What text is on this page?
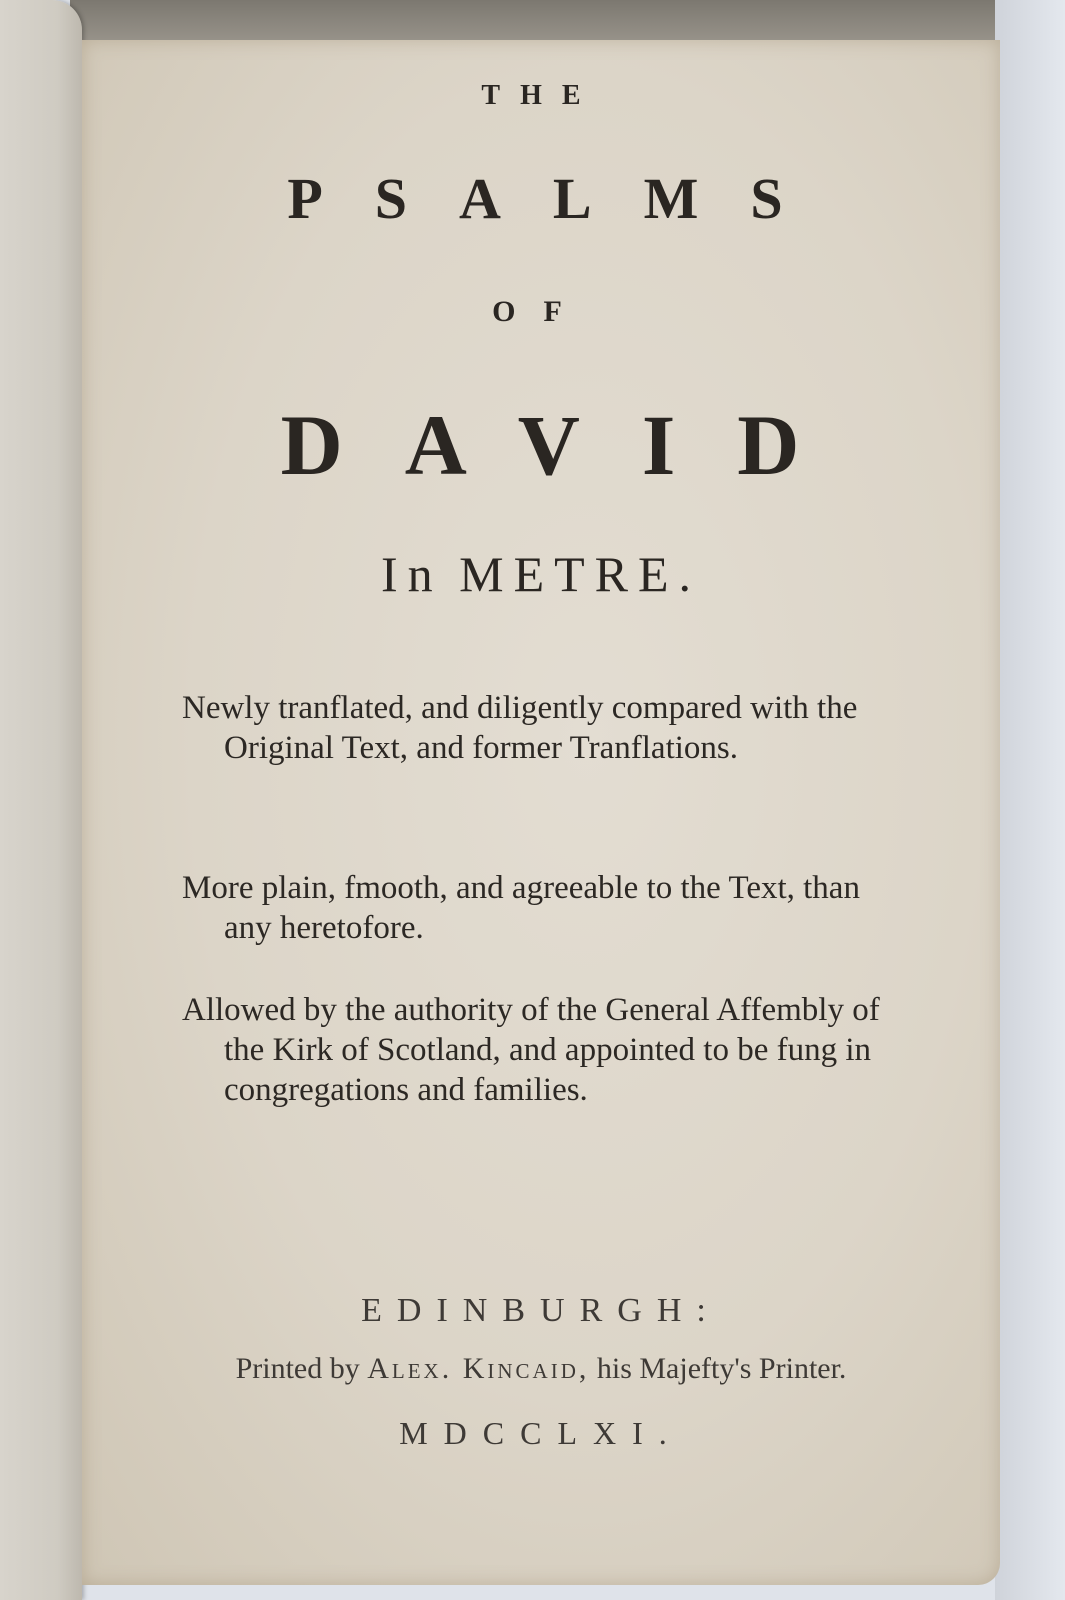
THE
PSALMS
OF
DAVID
In METRE.

Newly tranflated, and diligently compared with the Original Text, and former Tranflations.

More plain, fmooth, and agreeable to the Text, than any heretofore.

Allowed by the authority of the General Affembly of the Kirk of Scotland, and appointed to be fung in congregations and families.

EDINBURGH:
Printed by Alex. Kincaid, his Majefty's Printer.
MDCCLXI.
